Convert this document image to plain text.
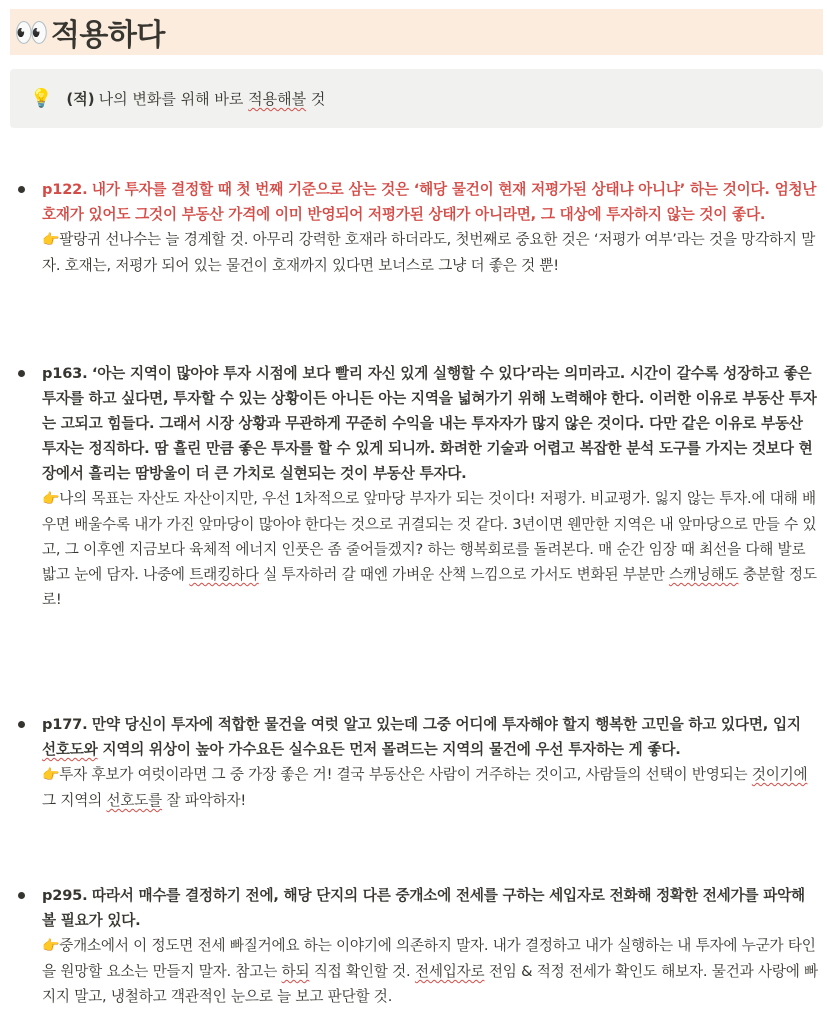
👀 적용하다
💡 (적) 나의 변화를 위해 바로 적용해볼 것
p122. 내가 투자를 결정할 때 첫 번째 기준으로 삼는 것은 ‘해당 물건이 현재 저평가된 상태냐 아니냐’ 하는 것이다. 엄청난 호재가 있어도 그것이 부동산 가격에 이미 반영되어 저평가된 상태가 아니라면, 그 대상에 투자하지 않는 것이 좋다.
👉팔랑귀 선나수는 늘 경계할 것. 아무리 강력한 호재라 하더라도, 첫번째로 중요한 것은 ‘저평가 여부’라는 것을 망각하지 말자. 호재는, 저평가 되어 있는 물건이 호재까지 있다면 보너스로 그냥 더 좋은 것 뿐!
p163. ‘아는 지역이 많아야 투자 시점에 보다 빨리 자신 있게 실행할 수 있다’라는 의미라고. 시간이 갈수록 성장하고 좋은 투자를 하고 싶다면, 투자할 수 있는 상황이든 아니든 아는 지역을 넓혀가기 위해 노력해야 한다. 이러한 이유로 부동산 투자는 고되고 힘들다. 그래서 시장 상황과 무관하게 꾸준히 수익을 내는 투자자가 많지 않은 것이다. 다만 같은 이유로 부동산 투자는 정직하다. 땀 흘린 만큼 좋은 투자를 할 수 있게 되니까. 화려한 기술과 어렵고 복잡한 분석 도구를 가지는 것보다 현장에서 흘리는 땀방울이 더 큰 가치로 실현되는 것이 부동산 투자다.
👉나의 목표는 자산도 자산이지만, 우선 1차적으로 앞마당 부자가 되는 것이다! 저평가. 비교평가. 잃지 않는 투자.에 대해 배우면 배울수록 내가 가진 앞마당이 많아야 한다는 것으로 귀결되는 것 같다. 3년이면 웬만한 지역은 내 앞마당으로 만들 수 있고, 그 이후엔 지금보다 육체적 에너지 인풋은 좀 줄어들겠지? 하는 행복회로를 돌려본다. 매 순간 임장 때 최선을 다해 발로 밟고 눈에 담자. 나중에 트래킹하다 실 투자하러 갈 때엔 가벼운 산책 느낌으로 가서도 변화된 부분만 스캐닝해도 충분할 정도로!
p177. 만약 당신이 투자에 적합한 물건을 여럿 알고 있는데 그중 어디에 투자해야 할지 행복한 고민을 하고 있다면, 입지 선호도와 지역의 위상이 높아 가수요든 실수요든 먼저 몰려드는 지역의 물건에 우선 투자하는 게 좋다.
👉투자 후보가 여럿이라면 그 중 가장 좋은 거! 결국 부동산은 사람이 거주하는 것이고, 사람들의 선택이 반영되는 것이기에 그 지역의 선호도를 잘 파악하자!
p295. 따라서 매수를 결정하기 전에, 해당 단지의 다른 중개소에 전세를 구하는 세입자로 전화해 정확한 전세가를 파악해 볼 필요가 있다.
👉중개소에서 이 정도면 전세 빠질거에요 하는 이야기에 의존하지 말자. 내가 결정하고 내가 실행하는 내 투자에 누군가 타인을 원망할 요소는 만들지 말자. 참고는 하되 직접 확인할 것. 전세입자로 전임 & 적정 전세가 확인도 해보자. 물건과 사랑에 빠지지 말고, 냉철하고 객관적인 눈으로 늘 보고 판단할 것.
